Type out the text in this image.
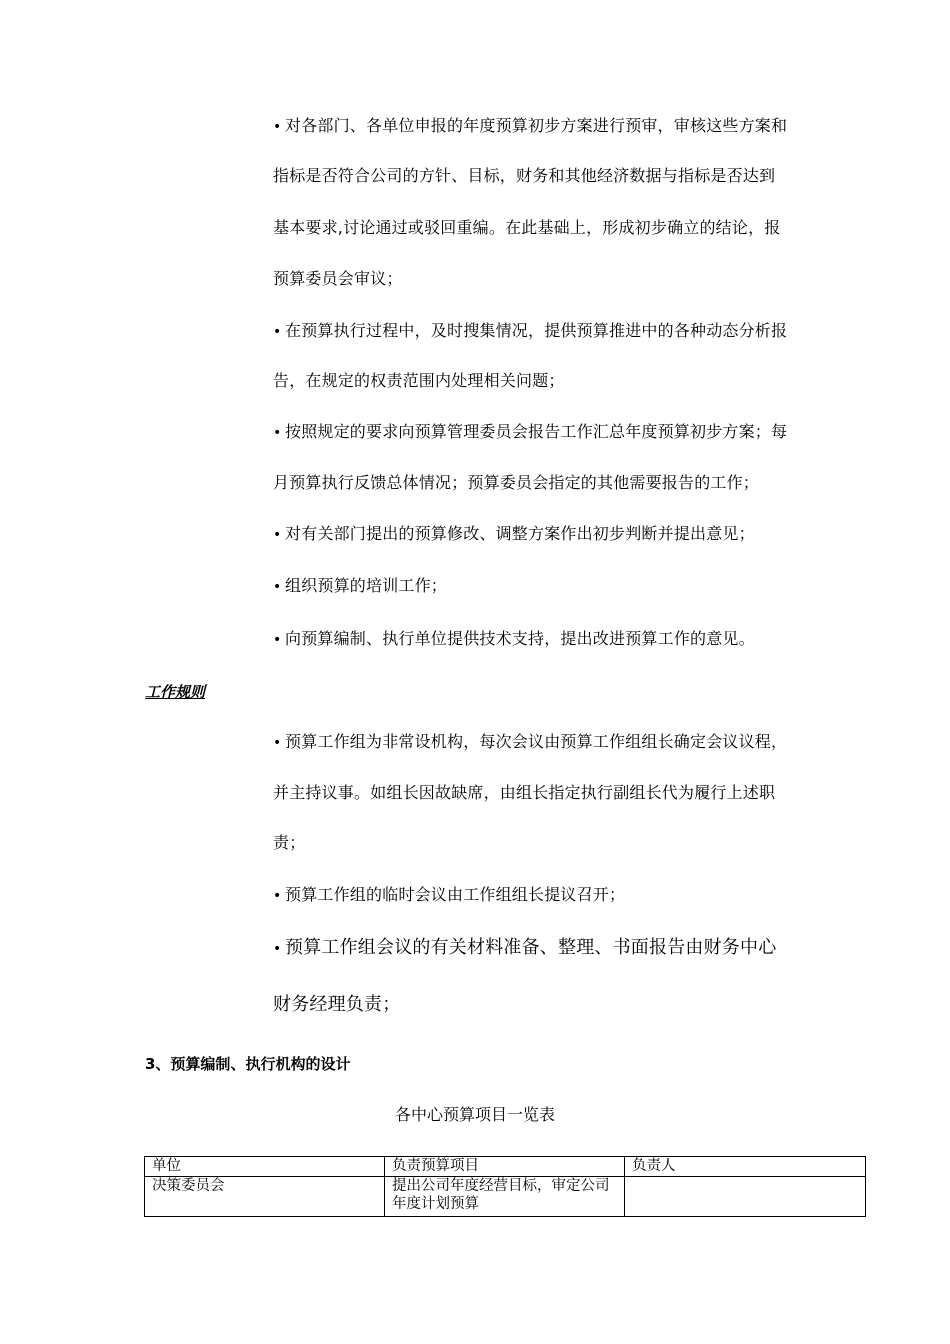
• 对各部门、各单位申报的年度预算初步方案进行预审，审核这些方案和
指标是否符合公司的方针、目标，财务和其他经济数据与指标是否达到
基本要求,讨论通过或驳回重编。在此基础上，形成初步确立的结论，报
预算委员会审议；
• 在预算执行过程中，及时搜集情况，提供预算推进中的各种动态分析报
告，在规定的权责范围内处理相关问题；
• 按照规定的要求向预算管理委员会报告工作汇总年度预算初步方案；每
月预算执行反馈总体情况；预算委员会指定的其他需要报告的工作；
• 对有关部门提出的预算修改、调整方案作出初步判断并提出意见；
• 组织预算的培训工作；
• 向预算编制、执行单位提供技术支持，提出改进预算工作的意见。
工作规则
• 预算工作组为非常设机构，每次会议由预算工作组组长确定会议议程，
并主持议事。如组长因故缺席，由组长指定执行副组长代为履行上述职
责；
• 预算工作组的临时会议由工作组组长提议召开；
• 预算工作组会议的有关材料准备、整理、书面报告由财务中心
财务经理负责；
3、预算编制、执行机构的设计
各中心预算项目一览表
单位	负责预算项目	负责人
决策委员会	提出公司年度经营目标，审定公司年度计划预算	
